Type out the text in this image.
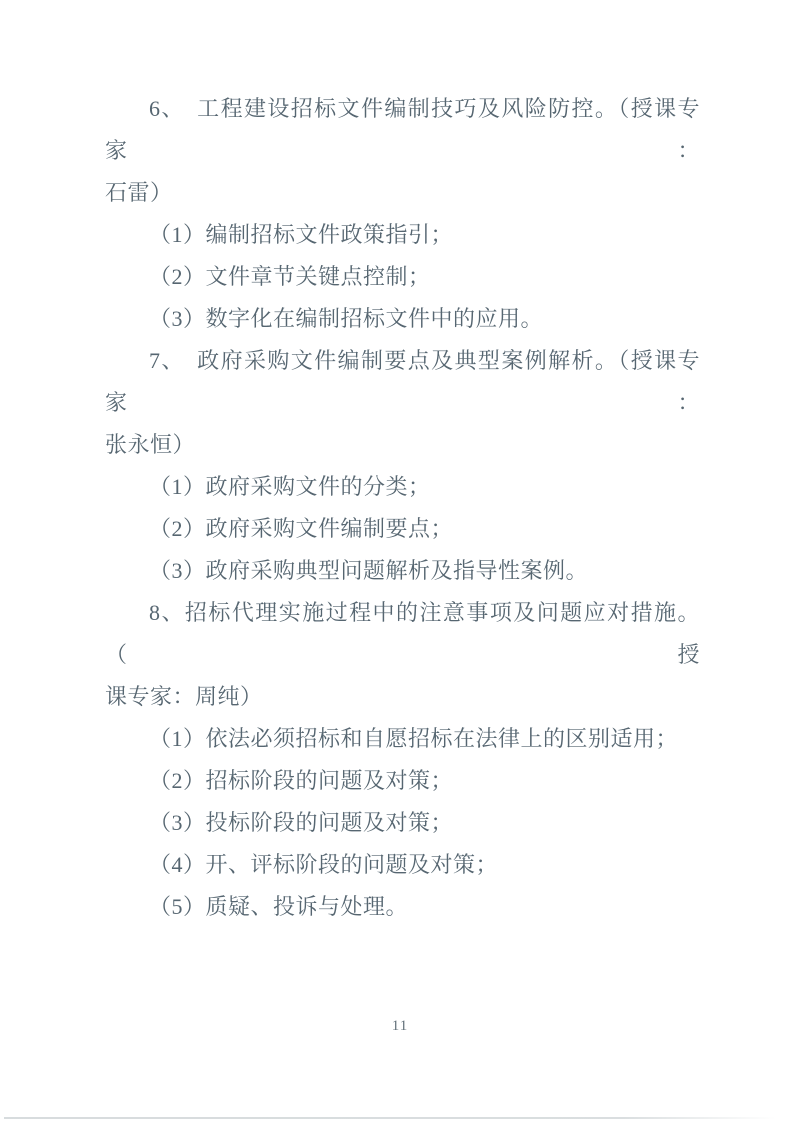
6、　工程建设招标文件编制技巧及风险防控。（授课专家：

石雷）

（1）编制招标文件政策指引；

（2）文件章节关键点控制；

（3）数字化在编制招标文件中的应用。

7、　政府采购文件编制要点及典型案例解析。（授课专家：

张永恒）

（1）政府采购文件的分类；

（2）政府采购文件编制要点；

（3）政府采购典型问题解析及指导性案例。

8、招标代理实施过程中的注意事项及问题应对措施。（授

课专家：周纯）

（1）依法必须招标和自愿招标在法律上的区别适用；

（2）招标阶段的问题及对策；

（3）投标阶段的问题及对策；

（4）开、评标阶段的问题及对策；

（5）质疑、投诉与处理。

11
